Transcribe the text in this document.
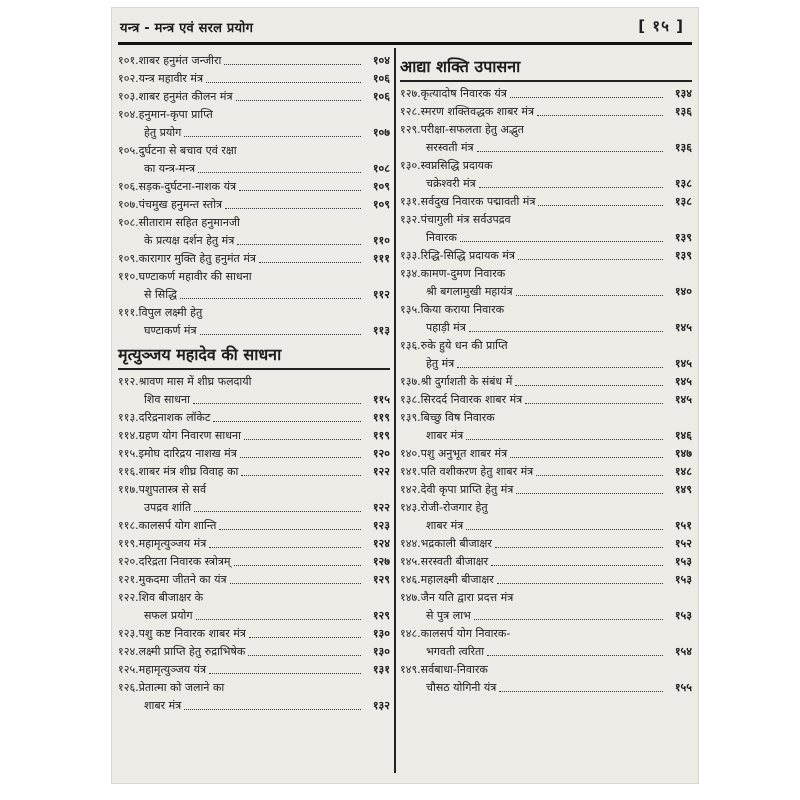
यन्त्र - मन्त्र एवं सरल प्रयोग	[ १५ ]
१०१.शाबर हनुमंत जन्जीरा	१०४
१०२.यन्त्र महावीर मंत्र	१०६
१०३.शाबर हनुमंत कीलन मंत्र	१०६
१०४.हनुमान-कृपा प्राप्ति
हेतु प्रयोग	१०७
१०५.दुर्घटना से बचाव एवं रक्षा
का यन्त्र-मन्त्र	१०८
१०६.सड़क-दुर्घटना-नाशक यंत्र	१०९
१०७.पंचमुख हनुमन्त स्तोत्र	१०९
१०८.सीताराम सहित हनुमानजी
के प्रत्यक्ष दर्शन हेतु मंत्र	११०
१०९.कारागार मुक्ति हेतु हनुमंत मंत्र	१११
११०.घण्टाकर्ण महावीर की साधना
से सिद्धि	११२
१११.विपुल लक्ष्मी हेतु
घण्टाकर्ण मंत्र	११३
मृत्युञ्जय महादेव की साधना
११२.श्रावण मास में शीघ्र फलदायी
शिव साधना	११५
११३.दरिद्रनाशक लॉकेट	११९
११४.ग्रहण योग निवारण साधना	११९
११५.इमोघ दारिद्रय नाशख मंत्र	१२०
११६.शाबर मंत्र शीघ्र विवाह का	१२२
११७.पशुपतास्त्र से सर्व
उपद्रव शांति	१२२
११८.कालसर्प योग शान्ति	१२३
११९.महामृत्युञ्जय मंत्र	१२४
१२०.दरिद्रता निवारक स्त्रोत्रम्	१२७
१२१.मुकदमा जीतने का यंत्र	१२९
१२२.शिव बीजाक्षर के
सफल प्रयोग	१२९
१२३.पशु कष्ट निवारक शाबर मंत्र	१३०
१२४.लक्ष्मी प्राप्ति हेतु रुद्राभिषेक	१३०
१२५.महामृत्युञ्जय यंत्र	१३१
१२६.प्रेतात्मा को जलाने का
शाबर मंत्र	१३२
आद्या शक्ति उपासना
१२७.कृत्यादोष निवारक यंत्र	१३४
१२८.स्मरण शक्तिवद्धक शाबर मंत्र	१३६
१२९.परीक्षा-सफलता हेतु अद्भुत
सरस्वती मंत्र	१३६
१३०.स्वप्नसिद्धि प्रदायक
चक्रेश्वरी मंत्र	१३८
१३१.सर्वदुख निवारक पद्मावती मंत्र	१३८
१३२.पंचागुली मंत्र सर्वउपद्रव
निवारक	१३९
१३३.रिद्धि-सिद्धि प्रदायक मंत्र	१३९
१३४.कामण-दुमण निवारक
श्री बगलामुखी महायंत्र	१४०
१३५.किया कराया निवारक
पहाड़ी मंत्र	१४५
१३६.रुके हुये धन की प्राप्ति
हेतु मंत्र	१४५
१३७.श्री दुर्गाशती के संबंध में	१४५
१३८.सिरदर्द निवारक शाबर मंत्र	१४५
१३९.बिच्छु विष निवारक
शाबर मंत्र	१४६
१४०.पशु अनुभूत शाबर मंत्र	१४७
१४१.पति वशीकरण हेतु शाबर मंत्र	१४८
१४२.देवी कृपा प्राप्ति हेतु मंत्र	१४९
१४३.रोजी-रोजगार हेतु
शाबर मंत्र	१५१
१४४.भद्रकाली बीजाक्षर	१५२
१४५.सरस्वती बीजाक्षर	१५३
१४६.महालक्ष्मी बीजाक्षर	१५३
१४७.जैन यति द्वारा प्रदत्त मंत्र
से पुत्र लाभ	१५३
१४८.कालसर्प योग निवारक-
भगवती त्वरिता	१५४
१४९.सर्वबाधा-निवारक
चौसठ योगिनी यंत्र	१५५
